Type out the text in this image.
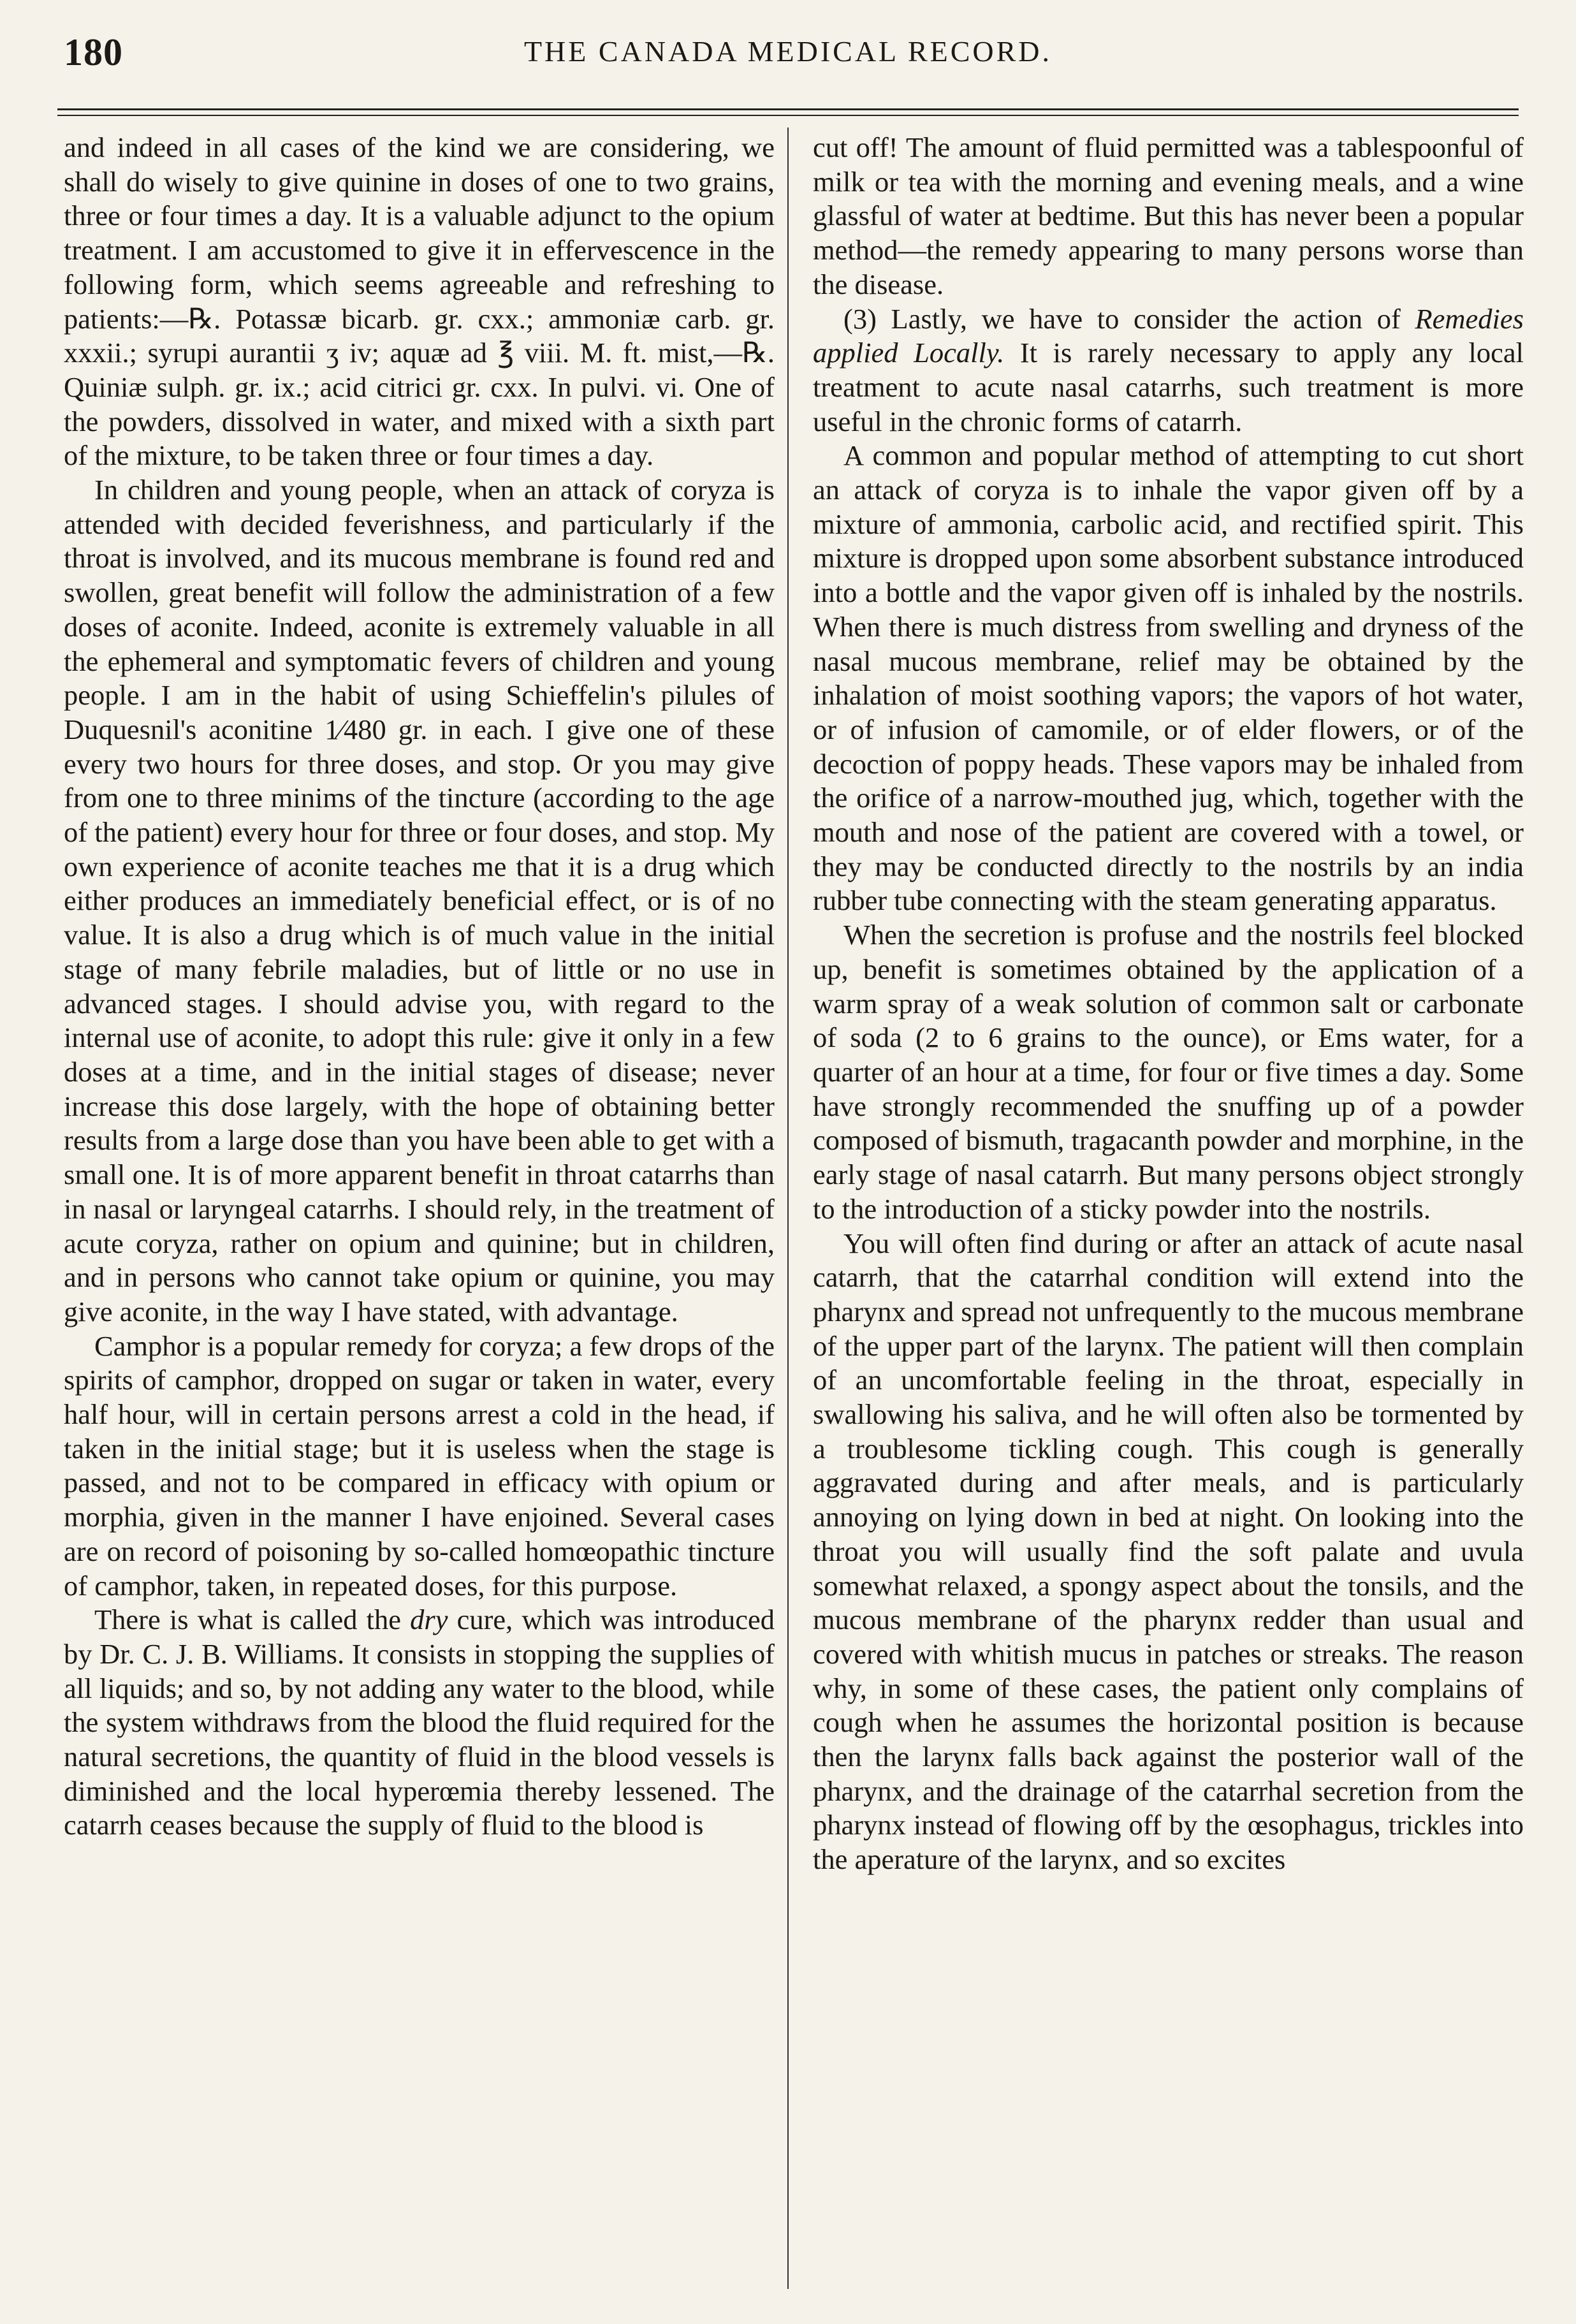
180	THE CANADA MEDICAL RECORD.

and indeed in all cases of the kind we are considering, we shall do wisely to give quinine in doses of one to two grains, three or four times a day. It is a valuable adjunct to the opium treatment. I am accustomed to give it in effervescence in the following form, which seems agreeable and refreshing to patients:—℞. Potassæ bicarb. gr. cxx.; ammoniæ carb. gr. xxxii.; syrupi aurantii ʒ iv; aquæ ad ℥ viii. M. ft. mist,—℞. Quiniæ sulph. gr. ix.; acid citrici gr. cxx. In pulvi. vi. One of the powders, dissolved in water, and mixed with a sixth part of the mixture, to be taken three or four times a day.

In children and young people, when an attack of coryza is attended with decided feverishness, and particularly if the throat is involved, and its mucous membrane is found red and swollen, great benefit will follow the administration of a few doses of aconite. Indeed, aconite is extremely valuable in all the ephemeral and symptomatic fevers of children and young people. I am in the habit of using Schieffelin's pilules of Duquesnil's aconitine 1⁄480 gr. in each. I give one of these every two hours for three doses, and stop. Or you may give from one to three minims of the tincture (according to the age of the patient) every hour for three or four doses, and stop. My own experience of aconite teaches me that it is a drug which either produces an immediately beneficial effect, or is of no value. It is also a drug which is of much value in the initial stage of many febrile maladies, but of little or no use in advanced stages. I should advise you, with regard to the internal use of aconite, to adopt this rule: give it only in a few doses at a time, and in the initial stages of disease; never increase this dose largely, with the hope of obtaining better results from a large dose than you have been able to get with a small one. It is of more apparent benefit in throat catarrhs than in nasal or laryngeal catarrhs. I should rely, in the treatment of acute coryza, rather on opium and quinine; but in children, and in persons who cannot take opium or quinine, you may give aconite, in the way I have stated, with advantage.

Camphor is a popular remedy for coryza; a few drops of the spirits of camphor, dropped on sugar or taken in water, every half hour, will in certain persons arrest a cold in the head, if taken in the initial stage; but it is useless when the stage is passed, and not to be compared in efficacy with opium or morphia, given in the manner I have enjoined. Several cases are on record of poisoning by so-called homœopathic tincture of camphor, taken, in repeated doses, for this purpose.

There is what is called the dry cure, which was introduced by Dr. C. J. B. Williams. It consists in stopping the supplies of all liquids; and so, by not adding any water to the blood, while the system withdraws from the blood the fluid required for the natural secretions, the quantity of fluid in the blood vessels is diminished and the local hyperœmia thereby lessened. The catarrh ceases because the supply of fluid to the blood is

cut off! The amount of fluid permitted was a tablespoonful of milk or tea with the morning and evening meals, and a wine glassful of water at bedtime. But this has never been a popular method—the remedy appearing to many persons worse than the disease.

(3) Lastly, we have to consider the action of Remedies applied Locally. It is rarely necessary to apply any local treatment to acute nasal catarrhs, such treatment is more useful in the chronic forms of catarrh.

A common and popular method of attempting to cut short an attack of coryza is to inhale the vapor given off by a mixture of ammonia, carbolic acid, and rectified spirit. This mixture is dropped upon some absorbent substance introduced into a bottle and the vapor given off is inhaled by the nostrils. When there is much distress from swelling and dryness of the nasal mucous membrane, relief may be obtained by the inhalation of moist soothing vapors; the vapors of hot water, or of infusion of camomile, or of elder flowers, or of the decoction of poppy heads. These vapors may be inhaled from the orifice of a narrow-mouthed jug, which, together with the mouth and nose of the patient are covered with a towel, or they may be conducted directly to the nostrils by an india rubber tube connecting with the steam generating apparatus.

When the secretion is profuse and the nostrils feel blocked up, benefit is sometimes obtained by the application of a warm spray of a weak solution of common salt or carbonate of soda (2 to 6 grains to the ounce), or Ems water, for a quarter of an hour at a time, for four or five times a day. Some have strongly recommended the snuffing up of a powder composed of bismuth, tragacanth powder and morphine, in the early stage of nasal catarrh. But many persons object strongly to the introduction of a sticky powder into the nostrils.

You will often find during or after an attack of acute nasal catarrh, that the catarrhal condition will extend into the pharynx and spread not unfrequently to the mucous membrane of the upper part of the larynx. The patient will then complain of an uncomfortable feeling in the throat, especially in swallowing his saliva, and he will often also be tormented by a troublesome tickling cough. This cough is generally aggravated during and after meals, and is particularly annoying on lying down in bed at night. On looking into the throat you will usually find the soft palate and uvula somewhat relaxed, a spongy aspect about the tonsils, and the mucous membrane of the pharynx redder than usual and covered with whitish mucus in patches or streaks. The reason why, in some of these cases, the patient only complains of cough when he assumes the horizontal position is because then the larynx falls back against the posterior wall of the pharynx, and the drainage of the catarrhal secretion from the pharynx instead of flowing off by the œsophagus, trickles into the aperature of the larynx, and so excites
